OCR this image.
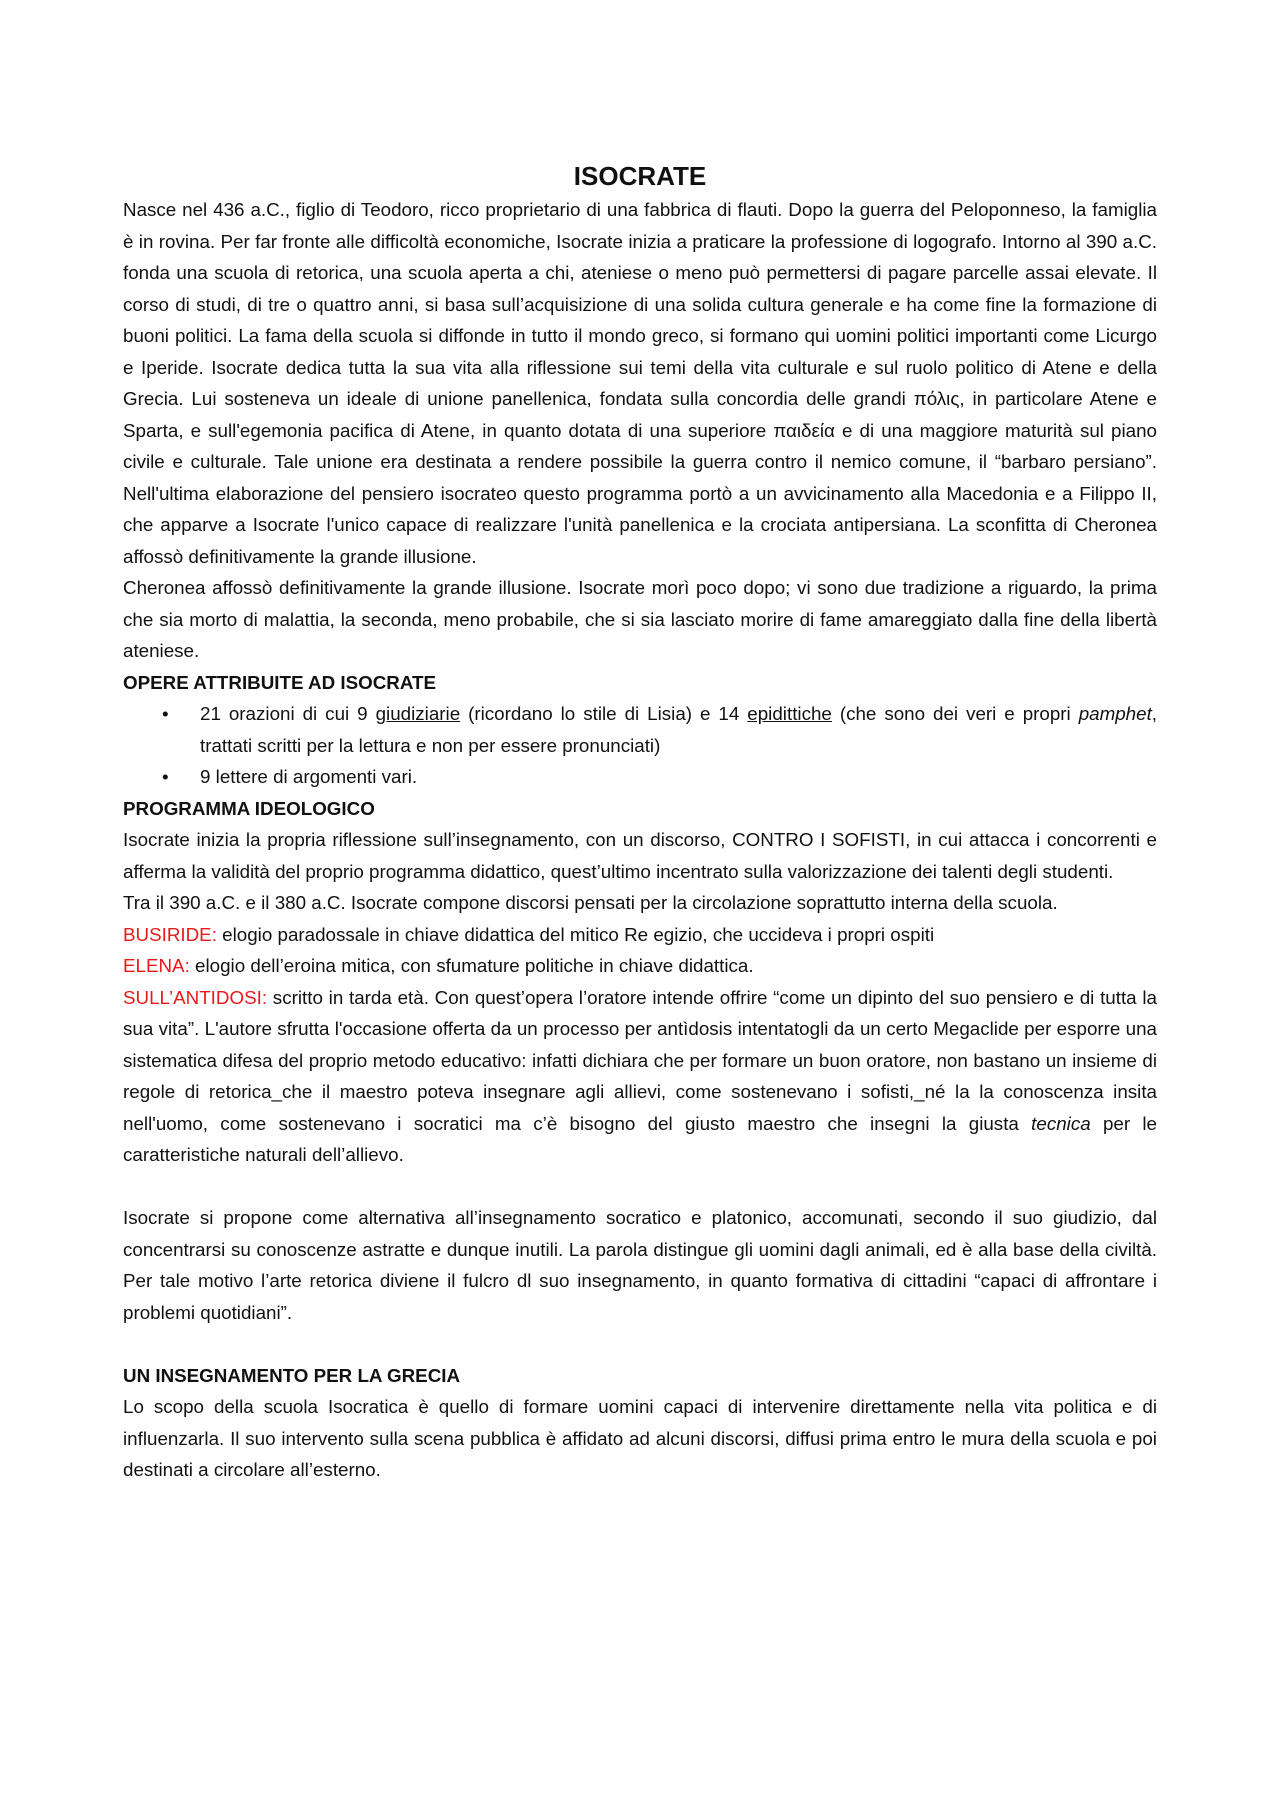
ISOCRATE

Nasce nel 436 a.C., figlio di Teodoro, ricco proprietario di una fabbrica di flauti. Dopo la guerra del Peloponneso, la famiglia è in rovina. Per far fronte alle difficoltà economiche, Isocrate inizia a praticare la professione di logografo. Intorno al 390 a.C. fonda una scuola di retorica, una scuola aperta a chi, ateniese o meno può permettersi di pagare parcelle assai elevate. Il corso di studi, di tre o quattro anni, si basa sull’acquisizione di una solida cultura generale e ha come fine la formazione di buoni politici. La fama della scuola si diffonde in tutto il mondo greco, si formano qui uomini politici importanti come Licurgo e Iperide. Isocrate dedica tutta la sua vita alla riflessione sui temi della vita culturale e sul ruolo politico di Atene e della Grecia. Lui sosteneva un ideale di unione panellenica, fondata sulla concordia delle grandi πόλις, in particolare Atene e Sparta, e sull'egemonia pacifica di Atene, in quanto dotata di una superiore παιδεία e di una maggiore maturità sul piano civile e culturale. Tale unione era destinata a rendere possibile la guerra contro il nemico comune, il “barbaro persiano”. Nell'ultima elaborazione del pensiero isocrateo questo programma portò a un avvicinamento alla Macedonia e a Filippo II, che apparve a Isocrate l'unico capace di realizzare l'unità panellenica e la crociata antipersiana. La sconfitta di Cheronea affossò definitivamente la grande illusione.

Cheronea affossò definitivamente la grande illusione. Isocrate morì poco dopo; vi sono due tradizione a riguardo, la prima che sia morto di malattia, la seconda, meno probabile, che si sia lasciato morire di fame amareggiato dalla fine della libertà ateniese.

OPERE ATTRIBUITE AD ISOCRATE
• 21 orazioni di cui 9 giudiziarie (ricordano lo stile di Lisia) e 14 epidittiche (che sono dei veri e propri pamphet, trattati scritti per la lettura e non per essere pronunciati)
• 9 lettere di argomenti vari.
PROGRAMMA IDEOLOGICO

Isocrate inizia la propria riflessione sull’insegnamento, con un discorso, CONTRO I SOFISTI, in cui attacca i concorrenti e afferma la validità del proprio programma didattico, quest’ultimo incentrato sulla valorizzazione dei talenti degli studenti.

Tra il 390 a.C. e il 380 a.C. Isocrate compone discorsi pensati per la circolazione soprattutto interna della scuola.

BUSIRIDE: elogio paradossale in chiave didattica del mitico Re egizio, che uccideva i propri ospiti

ELENA: elogio dell’eroina mitica, con sfumature politiche in chiave didattica.

SULL’ANTIDOSI: scritto in tarda età. Con quest’opera l’oratore intende offrire “come un dipinto del suo pensiero e di tutta la sua vita”. L'autore sfrutta l'occasione offerta da un processo per antìdosis intentatogli da un certo Megaclide per esporre una sistematica difesa del proprio metodo educativo: infatti dichiara che per formare un buon oratore, non bastano un insieme di regole di retorica_che il maestro poteva insegnare agli allievi, come sostenevano i sofisti,_né la la conoscenza insita nell'uomo, come sostenevano i socratici ma c’è bisogno del giusto maestro che insegni la giusta tecnica per le caratteristiche naturali dell’allievo.

Isocrate si propone come alternativa all’insegnamento socratico e platonico, accomunati, secondo il suo giudizio, dal concentrarsi su conoscenze astratte e dunque inutili. La parola distingue gli uomini dagli animali, ed è alla base della civiltà. Per tale motivo l’arte retorica diviene il fulcro dl suo insegnamento, in quanto formativa di cittadini “capaci di affrontare i problemi quotidiani”.

UN INSEGNAMENTO PER LA GRECIA

Lo scopo della scuola Isocratica è quello di formare uomini capaci di intervenire direttamente nella vita politica e di influenzarla. Il suo intervento sulla scena pubblica è affidato ad alcuni discorsi, diffusi prima entro le mura della scuola e poi destinati a circolare all’esterno.
